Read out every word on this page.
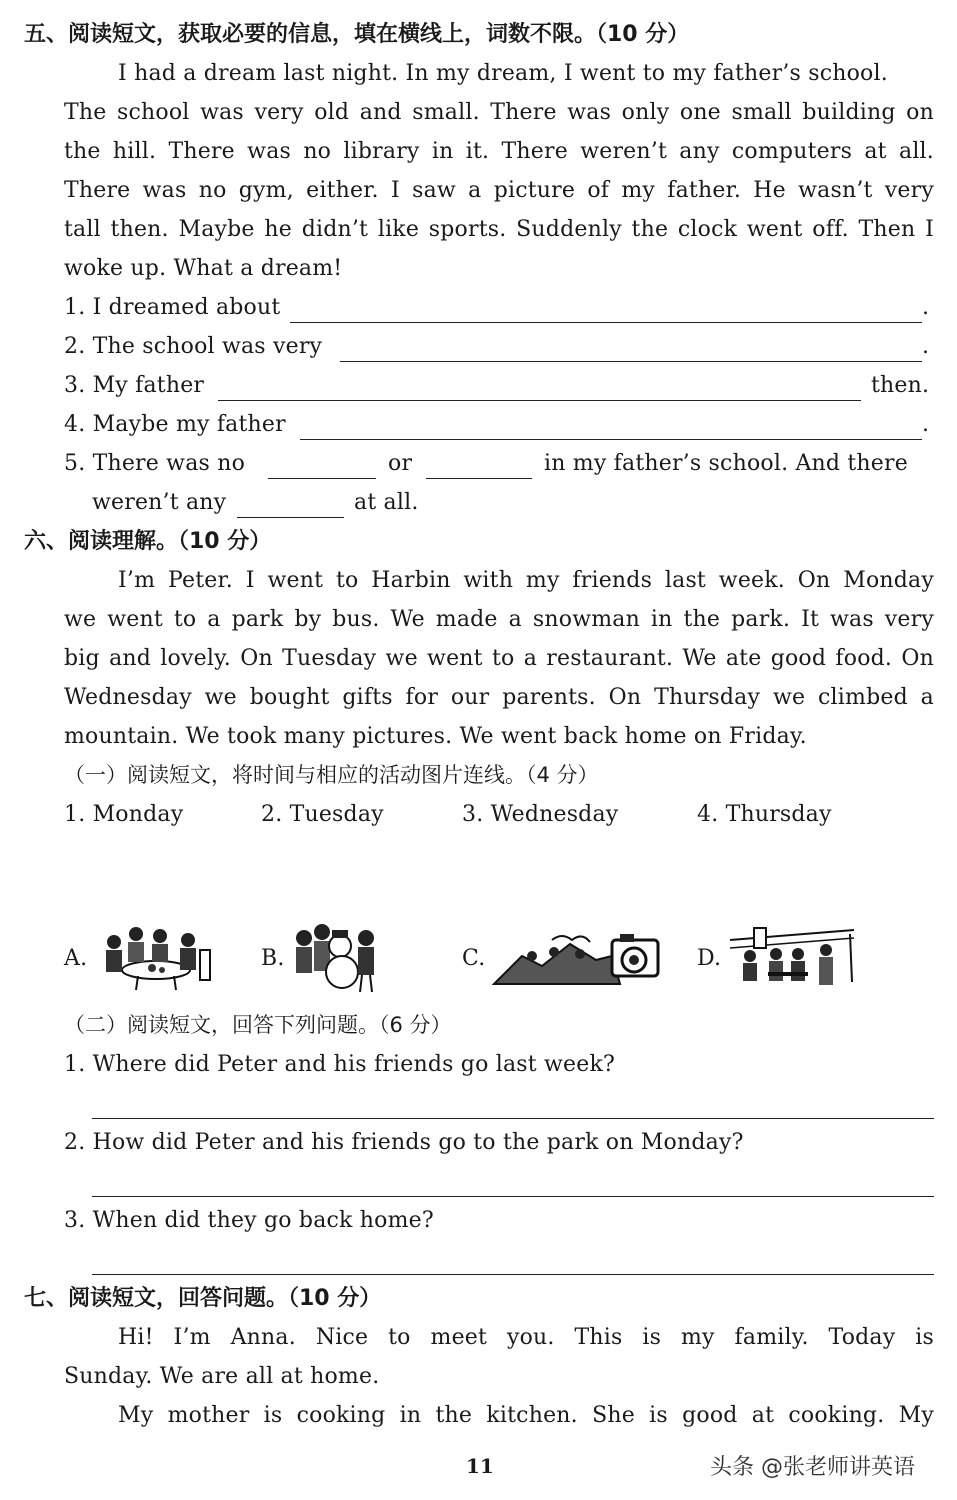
五、阅读短文，获取必要的信息，填在横线上，词数不限。（10 分）
I had a dream last night. In my dream, I went to my father’s school.
The school was very old and small. There was only one small building on
the hill. There was no library in it. There weren’t any computers at all.
There was no gym, either. I saw a picture of my father. He wasn’t very
tall then. Maybe he didn’t like sports. Suddenly the clock went off. Then I
woke up. What a dream!
1. I dreamed about	.
2. The school was very	.
3. My father	then.
4. Maybe my father	.
5. There was no	or	in my father’s school. And there
weren’t any	at all.
六、阅读理解。（10 分）
I’m Peter. I went to Harbin with my friends last week. On Monday
we went to a park by bus. We made a snowman in the park. It was very
big and lovely. On Tuesday we went to a restaurant. We ate good food. On
Wednesday we bought gifts for our parents. On Thursday we climbed a
mountain. We took many pictures. We went back home on Friday.
（一）阅读短文，将时间与相应的活动图片连线。（4 分）
1. Monday	2. Tuesday	3. Wednesday	4. Thursday
A.	B.	C.	D.
（二）阅读短文，回答下列问题。（6 分）
1. Where did Peter and his friends go last week?
2. How did Peter and his friends go to the park on Monday?
3. When did they go back home?
七、阅读短文，回答问题。（10 分）
Hi! I’m Anna. Nice to meet you. This is my family. Today is
Sunday. We are all at home.
My mother is cooking in the kitchen. She is good at cooking. My
11	头条 @张老师讲英语
